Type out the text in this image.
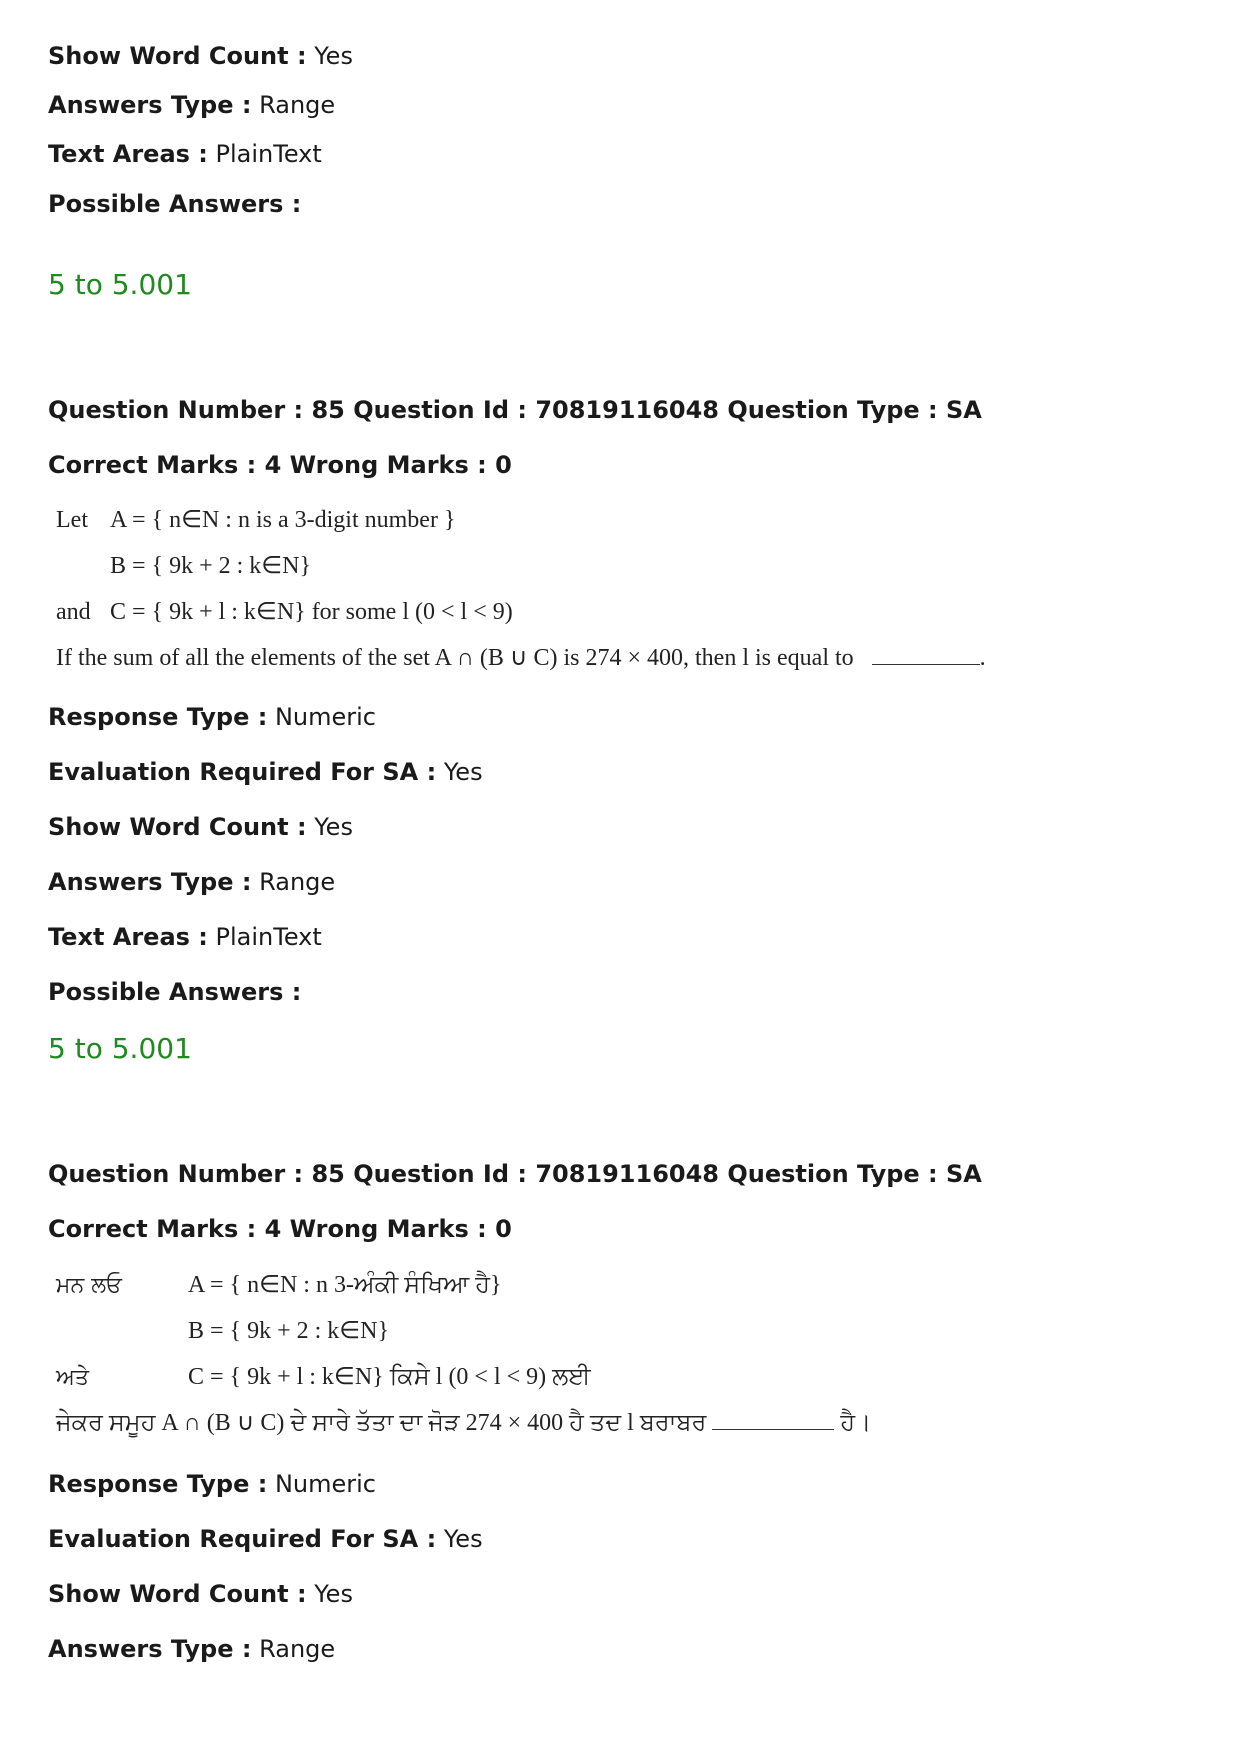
Show Word Count : Yes
Answers Type : Range
Text Areas : PlainText
Possible Answers :
5 to 5.001
Question Number : 85 Question Id : 70819116048 Question Type : SA
Correct Marks : 4 Wrong Marks : 0
Let A = { n∈N : n is a 3-digit number }
B = { 9k + 2 : k∈N}
and C = { 9k + l : k∈N} for some l (0 < l < 9)
If the sum of all the elements of the set A ∩ (B ∪ C) is 274 × 400, then l is equal to	.
Response Type : Numeric
Evaluation Required For SA : Yes
Show Word Count : Yes
Answers Type : Range
Text Areas : PlainText
Possible Answers :
5 to 5.001
Question Number : 85 Question Id : 70819116048 Question Type : SA
Correct Marks : 4 Wrong Marks : 0
ਮਨ ਲਓ	A = { n∈N : n 3-ਅੰਕੀ ਸੰਖਿਆ ਹੈ}
B = { 9k + 2 : k∈N}
ਅਤੇ	C = { 9k + l : k∈N} ਕਿਸੇ l (0 < l < 9) ਲਈ
ਜੇਕਰ ਸਮੂਹ A ∩ (B ∪ C) ਦੇ ਸਾਰੇ ਤੱਤਾ ਦਾ ਜੋੜ 274 × 400 ਹੈ ਤਦ l ਬਰਾਬਰ	ਹੈ।
Response Type : Numeric
Evaluation Required For SA : Yes
Show Word Count : Yes
Answers Type : Range
